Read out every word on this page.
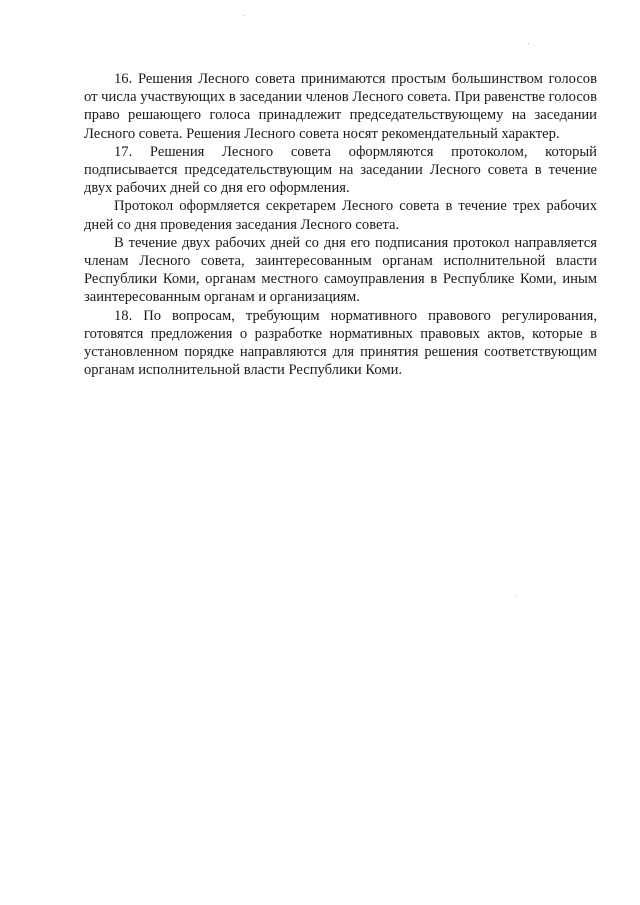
16. Решения Лесного совета принимаются простым большинством голосов от числа участвующих в заседании членов Лесного совета. При равенстве голосов право решающего голоса принадлежит председательствующему на заседании Лесного совета. Решения Лесного совета носят рекомендательный характер.

17. Решения Лесного совета оформляются протоколом, который подписывается председательствующим на заседании Лесного совета в течение двух рабочих дней со дня его оформления.

Протокол оформляется секретарем Лесного совета в течение трех рабочих дней со дня проведения заседания Лесного совета.

В течение двух рабочих дней со дня его подписания протокол направляется членам Лесного совета, заинтересованным органам исполнительной власти Республики Коми, органам местного самоуправления в Республике Коми, иным заинтересованным органам и организациям.

18. По вопросам, требующим нормативного правового регулирования, готовятся предложения о разработке нормативных правовых актов, которые в установленном порядке направляются для принятия решения соответствующим органам исполнительной власти Республики Коми.
